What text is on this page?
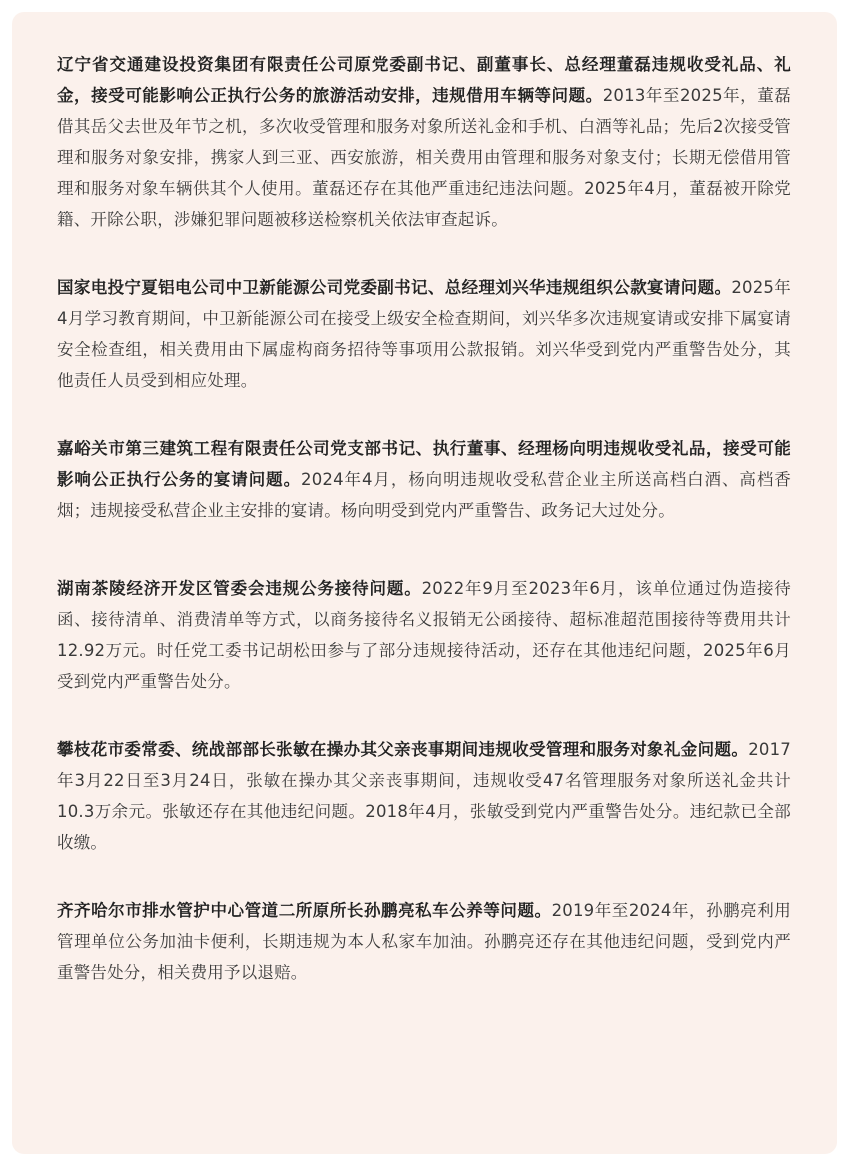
辽宁省交通建设投资集团有限责任公司原党委副书记、副董事长、总经理董磊违规收受礼品、礼金，接受可能影响公正执行公务的旅游活动安排，违规借用车辆等问题。2013年至2025年，董磊借其岳父去世及年节之机，多次收受管理和服务对象所送礼金和手机、白酒等礼品；先后2次接受管理和服务对象安排，携家人到三亚、西安旅游，相关费用由管理和服务对象支付；长期无偿借用管理和服务对象车辆供其个人使用。董磊还存在其他严重违纪违法问题。2025年4月，董磊被开除党籍、开除公职，涉嫌犯罪问题被移送检察机关依法审查起诉。

国家电投宁夏铝电公司中卫新能源公司党委副书记、总经理刘兴华违规组织公款宴请问题。2025年4月学习教育期间，中卫新能源公司在接受上级安全检查期间，刘兴华多次违规宴请或安排下属宴请安全检查组，相关费用由下属虚构商务招待等事项用公款报销。刘兴华受到党内严重警告处分，其他责任人员受到相应处理。

嘉峪关市第三建筑工程有限责任公司党支部书记、执行董事、经理杨向明违规收受礼品，接受可能影响公正执行公务的宴请问题。2024年4月，杨向明违规收受私营企业主所送高档白酒、高档香烟；违规接受私营企业主安排的宴请。杨向明受到党内严重警告、政务记大过处分。

湖南茶陵经济开发区管委会违规公务接待问题。2022年9月至2023年6月，该单位通过伪造接待函、接待清单、消费清单等方式，以商务接待名义报销无公函接待、超标准超范围接待等费用共计12.92万元。时任党工委书记胡松田参与了部分违规接待活动，还存在其他违纪问题，2025年6月受到党内严重警告处分。

攀枝花市委常委、统战部部长张敏在操办其父亲丧事期间违规收受管理和服务对象礼金问题。2017年3月22日至3月24日，张敏在操办其父亲丧事期间，违规收受47名管理服务对象所送礼金共计10.3万余元。张敏还存在其他违纪问题。2018年4月，张敏受到党内严重警告处分。违纪款已全部收缴。

齐齐哈尔市排水管护中心管道二所原所长孙鹏亮私车公养等问题。2019年至2024年，孙鹏亮利用管理单位公务加油卡便利，长期违规为本人私家车加油。孙鹏亮还存在其他违纪问题，受到党内严重警告处分，相关费用予以退赔。
